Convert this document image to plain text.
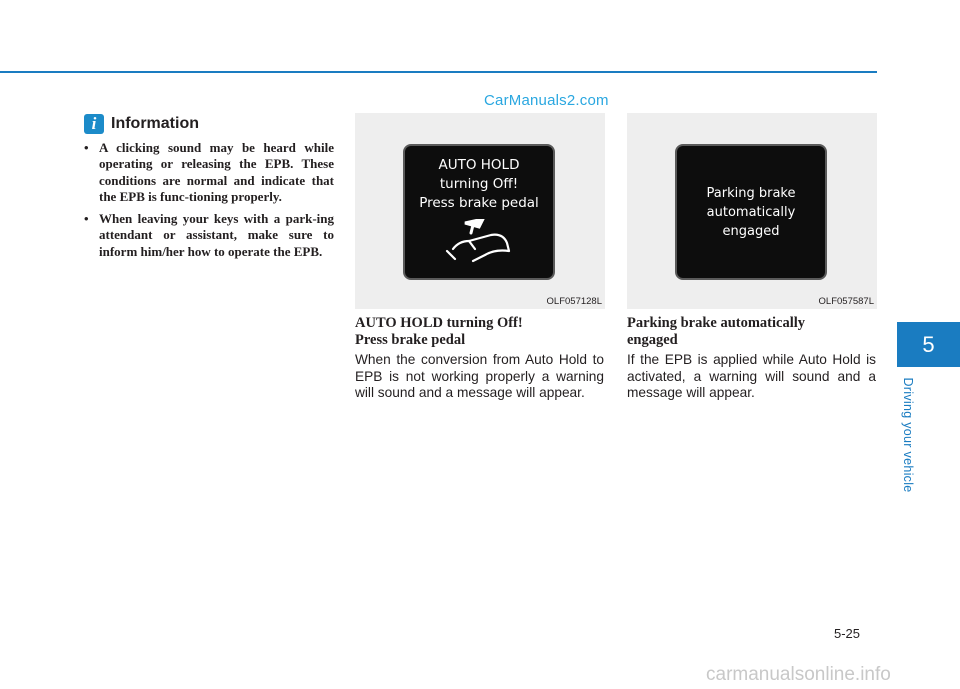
CarManuals2.com
i Information
• A clicking sound may be heard while operating or releasing the EPB. These conditions are normal and indicate that the EPB is func-tioning properly.
• When leaving your keys with a park-ing attendant or assistant, make sure to inform him/her how to operate the EPB.
AUTO HOLD
turning Off!
Press brake pedal
OLF057128L
Parking brake
automatically
engaged
OLF057587L
AUTO HOLD turning Off!
Press brake pedal
When the conversion from Auto Hold to EPB is not working properly a warning will sound and a message will appear.
Parking brake automatically
engaged
If the EPB is applied while Auto Hold is activated, a warning will sound and a message will appear.
5
Driving your vehicle
5-25
carmanualsonline.info
